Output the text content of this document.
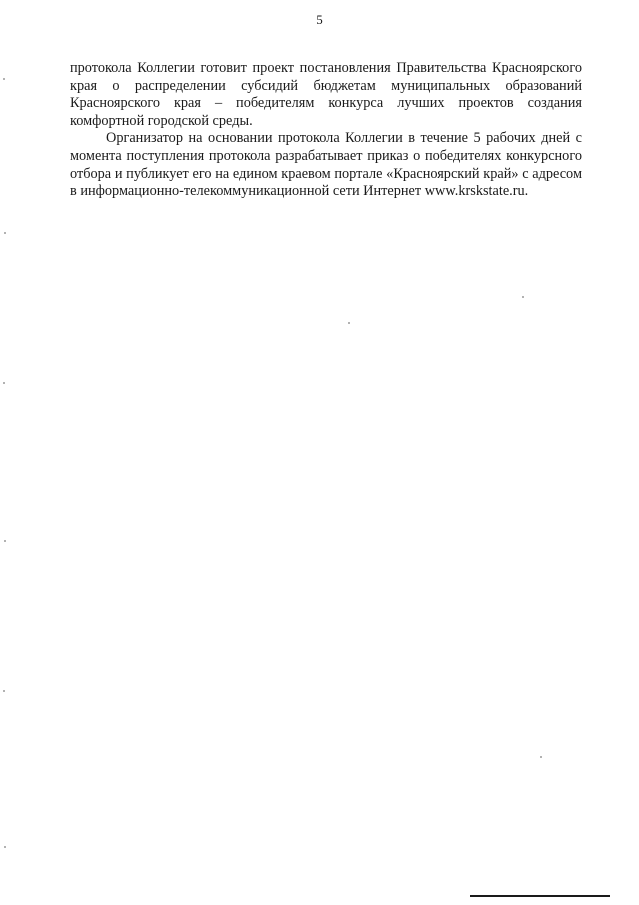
5

протокола Коллегии готовит проект постановления Правительства Красноярского края о распределении субсидий бюджетам муниципальных образований Красноярского края – победителям конкурса лучших проектов создания комфортной городской среды.

Организатор на основании протокола Коллегии в течение 5 рабочих дней с момента поступления протокола разрабатывает приказ о победителях конкурсного отбора и публикует его на едином краевом портале «Красноярский край» с адресом в информационно-телекоммуникационной сети Интернет www.krskstate.ru.
